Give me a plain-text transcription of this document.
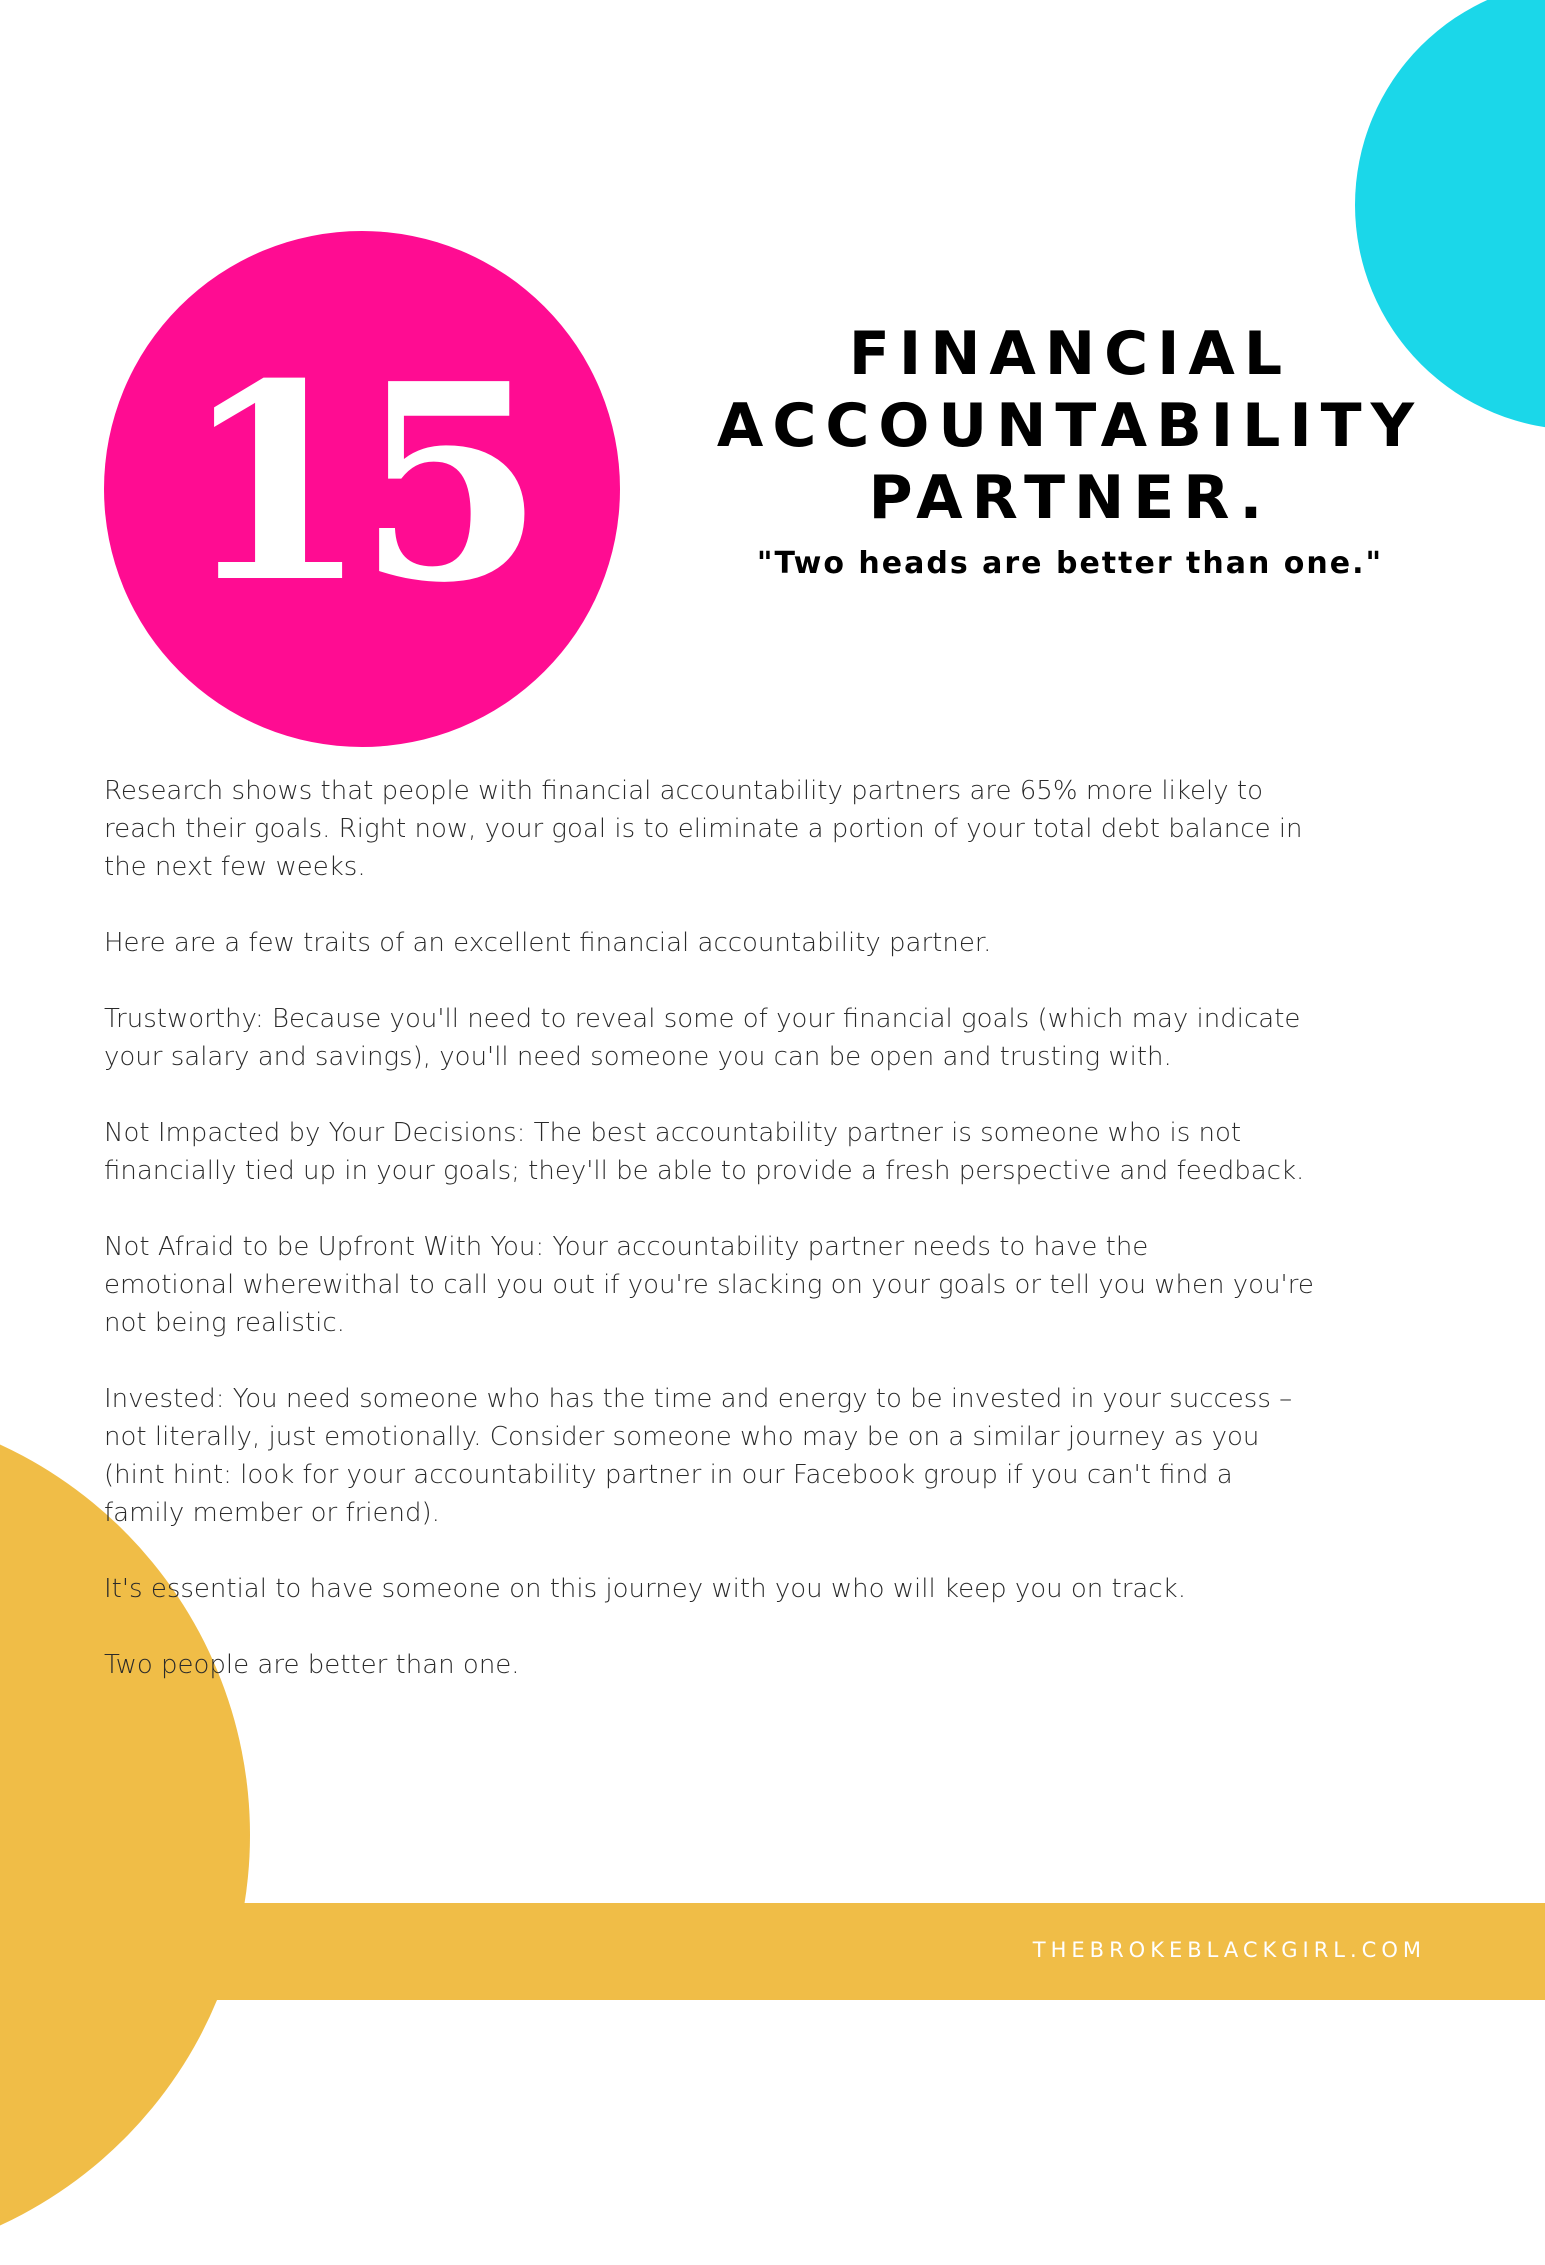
THEBROKEBLACKGIRL.COM
15	FINANCIAL
ACCOUNTABILITY
PARTNER.
"Two heads are better than one."

Research shows that people with financial accountability partners are 65% more likely to
reach their goals. Right now, your goal is to eliminate a portion of your total debt balance in
the next few weeks.

Here are a few traits of an excellent financial accountability partner.

Trustworthy: Because you'll need to reveal some of your financial goals (which may indicate
your salary and savings), you'll need someone you can be open and trusting with.

Not Impacted by Your Decisions: The best accountability partner is someone who is not
financially tied up in your goals; they'll be able to provide a fresh perspective and feedback.

Not Afraid to be Upfront With You: Your accountability partner needs to have the
emotional wherewithal to call you out if you're slacking on your goals or tell you when you're
not being realistic.

Invested: You need someone who has the time and energy to be invested in your success –
not literally, just emotionally. Consider someone who may be on a similar journey as you
(hint hint: look for your accountability partner in our Facebook group if you can't find a
family member or friend).

It's essential to have someone on this journey with you who will keep you on track.

Two people are better than one.
